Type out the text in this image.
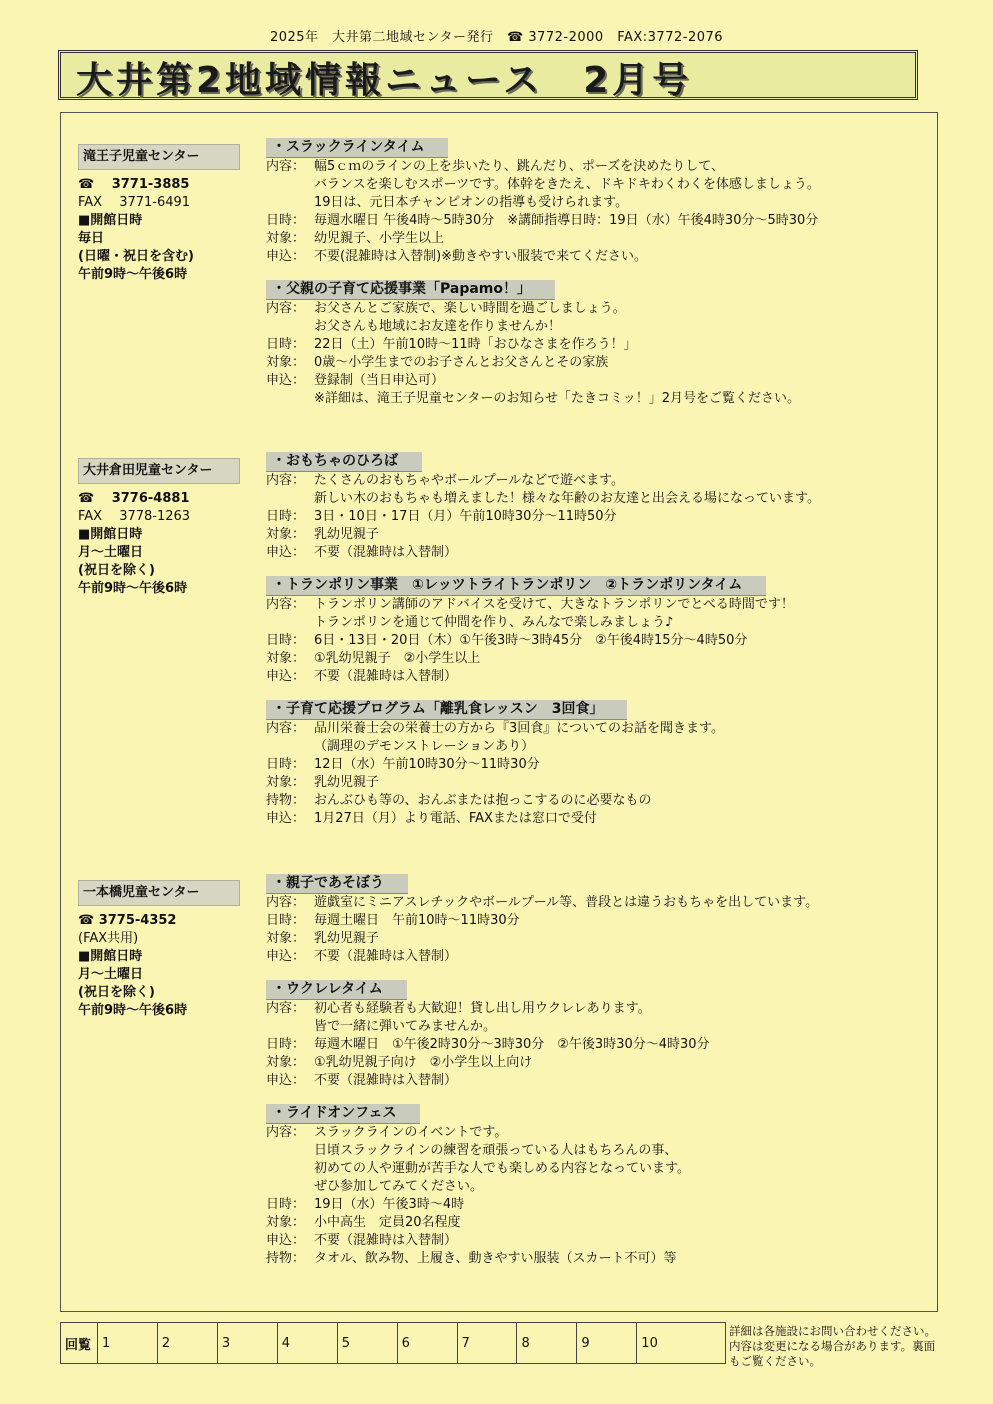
2025年　大井第二地域センター発行　☎ 3772-2000　FAX:3772-2076
大井第2地域情報ニュース　2月号
滝王子児童センター
☎　 3771-3885
FAX　 3771-6491
■開館日時
毎日
(日曜・祝日を含む)
午前9時～午後6時
大井倉田児童センター
☎　 3776-4881
FAX　 3778-1263
■開館日時
月～土曜日
(祝日を除く)
午前9時～午後6時
一本橋児童センター
☎ 3775-4352
(FAX共用)
■開館日時
月～土曜日
(祝日を除く)
午前9時～午後6時
・スラックラインタイム
内容： 幅5ｃｍのラインの上を歩いたり、跳んだり、ポーズを決めたりして、
バランスを楽しむスポーツです。体幹をきたえ、ドキドキわくわくを体感しましょう。
19日は、元日本チャンピオンの指導も受けられます。
日時： 毎週水曜日 午後4時～5時30分　※講師指導日時：19日（水）午後4時30分～5時30分
対象： 幼児親子、小学生以上
申込： 不要(混雑時は入替制)※動きやすい服装で来てください。
・父親の子育て応援事業「Papamo！」
内容： お父さんとご家族で、楽しい時間を過ごしましょう。
お父さんも地域にお友達を作りませんか！
日時： 22日（土）午前10時～11時「おひなさまを作ろう！」
対象： 0歳～小学生までのお子さんとお父さんとその家族
申込： 登録制（当日申込可）
※詳細は、滝王子児童センターのお知らせ「たきコミッ！」2月号をご覧ください。
・おもちゃのひろば
内容： たくさんのおもちゃやボールプールなどで遊べます。
新しい木のおもちゃも増えました！様々な年齢のお友達と出会える場になっています。
日時： 3日・10日・17日（月）午前10時30分～11時50分
対象： 乳幼児親子
申込： 不要（混雑時は入替制）
・トランポリン事業　①レッツトライトランポリン　②トランポリンタイム
内容： トランポリン講師のアドバイスを受けて、大きなトランポリンでとべる時間です！
トランポリンを通じて仲間を作り、みんなで楽しみましょう♪
日時： 6日・13日・20日（木）①午後3時～3時45分　②午後4時15分～4時50分
対象： ①乳幼児親子　②小学生以上
申込： 不要（混雑時は入替制）
・子育て応援プログラム「離乳食レッスン　3回食」
内容： 品川栄養士会の栄養士の方から『3回食』についてのお話を聞きます。
（調理のデモンストレーションあり）
日時： 12日（水）午前10時30分～11時30分
対象： 乳幼児親子
持物： おんぶひも等の、おんぶまたは抱っこするのに必要なもの
申込： 1月27日（月）より電話、FAXまたは窓口で受付
・親子であそぼう
内容： 遊戯室にミニアスレチックやボールプール等、普段とは違うおもちゃを出しています。
日時： 毎週土曜日　午前10時～11時30分
対象： 乳幼児親子
申込： 不要（混雑時は入替制）
・ウクレレタイム
内容： 初心者も経験者も大歓迎！貸し出し用ウクレレあります。
皆で一緒に弾いてみませんか。
日時： 毎週木曜日　①午後2時30分～3時30分　②午後3時30分～4時30分
対象： ①乳幼児親子向け　②小学生以上向け
申込： 不要（混雑時は入替制）
・ライドオンフェス
内容： スラックラインのイベントです。
日頃スラックラインの練習を頑張っている人はもちろんの事、
初めての人や運動が苦手な人でも楽しめる内容となっています。
ぜひ参加してみてください。
日時： 19日（水）午後3時～4時
対象： 小中高生　定員20名程度
申込： 不要（混雑時は入替制）
持物： タオル、飲み物、上履き、動きやすい服装（スカート不可）等
回覧	1	2	3	4	5	6	7	8	9	10
詳細は各施設にお問い合わせください。内容は変更になる場合があります。裏面もご覧ください。
